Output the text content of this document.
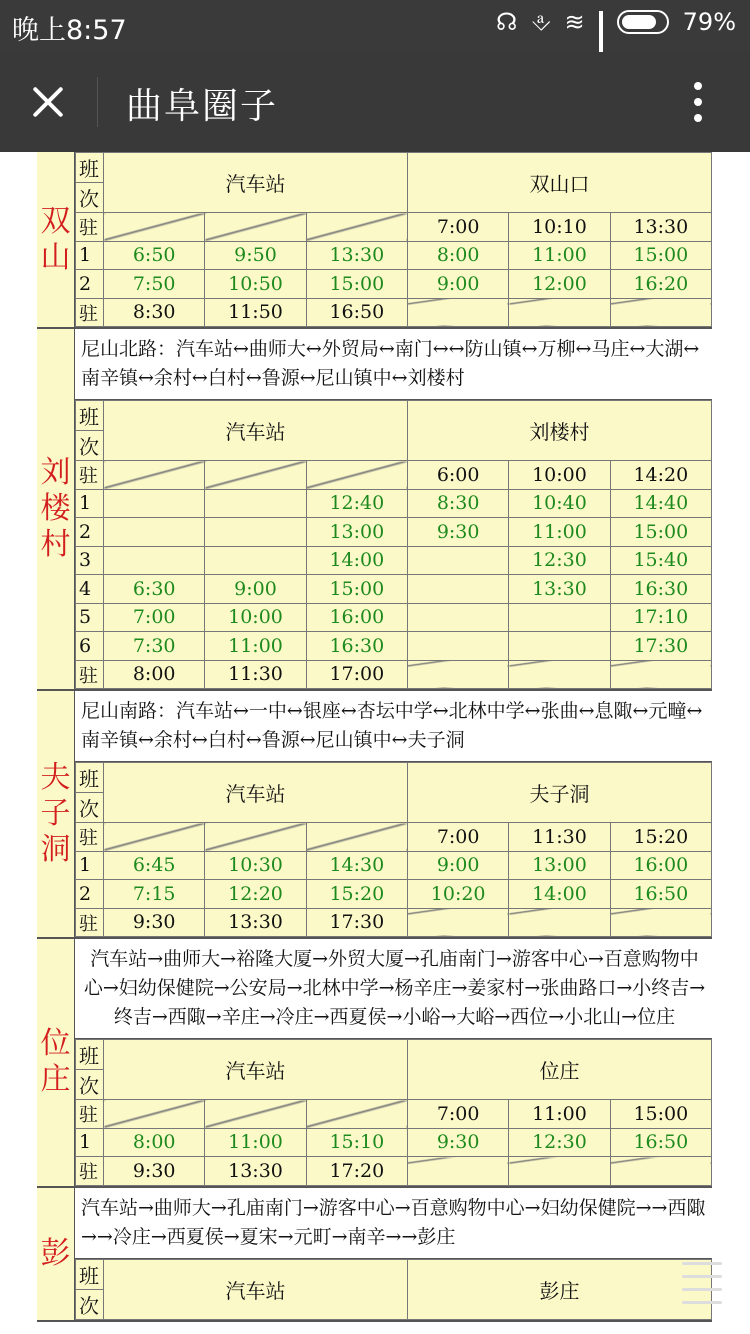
晚上8:57	☊ ⎀ ≋	79%
曲阜圈子
双
山
班	汽车站			双山口		
次						
驻				7:00	10:10	13:30
1	6:50	9:50	13:30	8:00	11:00	15:00
2	7:50	10:50	15:00	9:00	12:00	16:20
驻	8:30	11:50	16:50			
刘
楼
村
尼山北路：汽车站↔曲师大↔外贸局↔南门↔↔防山镇↔万柳↔马庄↔大湖↔南辛镇↔余村↔白村↔鲁源↔尼山镇中↔刘楼村
班	汽车站			刘楼村		
次						
驻				6:00	10:00	14:20
1			12:40	8:30	10:40	14:40
2			13:00	9:30	11:00	15:00
3			14:00		12:30	15:40
4	6:30	9:00	15:00		13:30	16:30
5	7:00	10:00	16:00			17:10
6	7:30	11:00	16:30			17:30
驻	8:00	11:30	17:00			
夫
子
洞
尼山南路：汽车站↔一中↔银座↔杏坛中学↔北林中学↔张曲↔息陬↔元疃↔南辛镇↔余村↔白村↔鲁源↔尼山镇中↔夫子洞
班	汽车站			夫子洞		
次						
驻				7:00	11:30	15:20
1	6:45	10:30	14:30	9:00	13:00	16:00
2	7:15	12:20	15:20	10:20	14:00	16:50
驻	9:30	13:30	17:30			
位
庄
汽车站→曲师大→裕隆大厦→外贸大厦→孔庙南门→游客中心→百意购物中心→妇幼保健院→公安局→北林中学→杨辛庄→姜家村→张曲路口→小终吉→终吉→西陬→辛庄→冷庄→西夏侯→小峪→大峪→西位→小北山→位庄
班	汽车站			位庄		
次						
驻				7:00	11:00	15:00
1	8:00	11:00	15:10	9:30	12:30	16:50
驻	9:30	13:30	17:20			
彭
汽车站→曲师大→孔庙南门→游客中心→百意购物中心→妇幼保健院→→西陬→→冷庄→西夏侯→夏宋→元町→南辛→→彭庄
班	汽车站	彭庄
次
